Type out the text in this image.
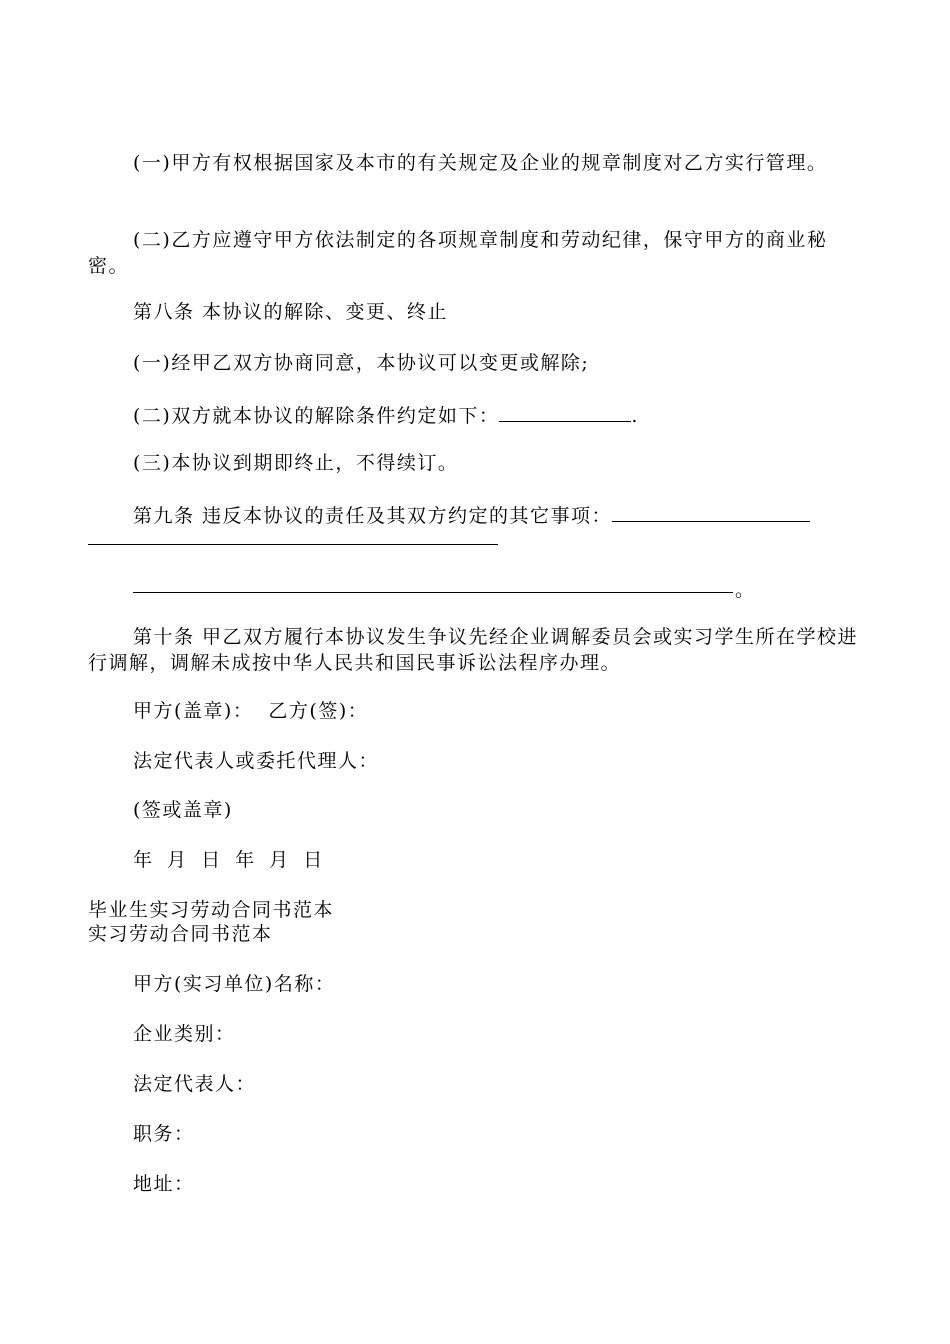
(一)甲方有权根据国家及本市的有关规定及企业的规章制度对乙方实行管理。
(二)乙方应遵守甲方依法制定的各项规章制度和劳动纪律，保守甲方的商业秘密。
第八条 本协议的解除、变更、终止
(一)经甲乙双方协商同意，本协议可以变更或解除;
(二)双方就本协议的解除条件约定如下：	.
(三)本协议到期即终止，不得续订。
第九条 违反本协议的责任及其双方约定的其它事项：
。
第十条 甲乙双方履行本协议发生争议先经企业调解委员会或实习学生所在学校进行调解，调解未成按中华人民共和国民事诉讼法程序办理。
甲方(盖章)：  乙方(签)：
法定代表人或委托代理人：
(签或盖章)
年 月 日 年 月 日
毕业生实习劳动合同书范本
实习劳动合同书范本
甲方(实习单位)名称：
企业类别：
法定代表人：
职务：
地址：
